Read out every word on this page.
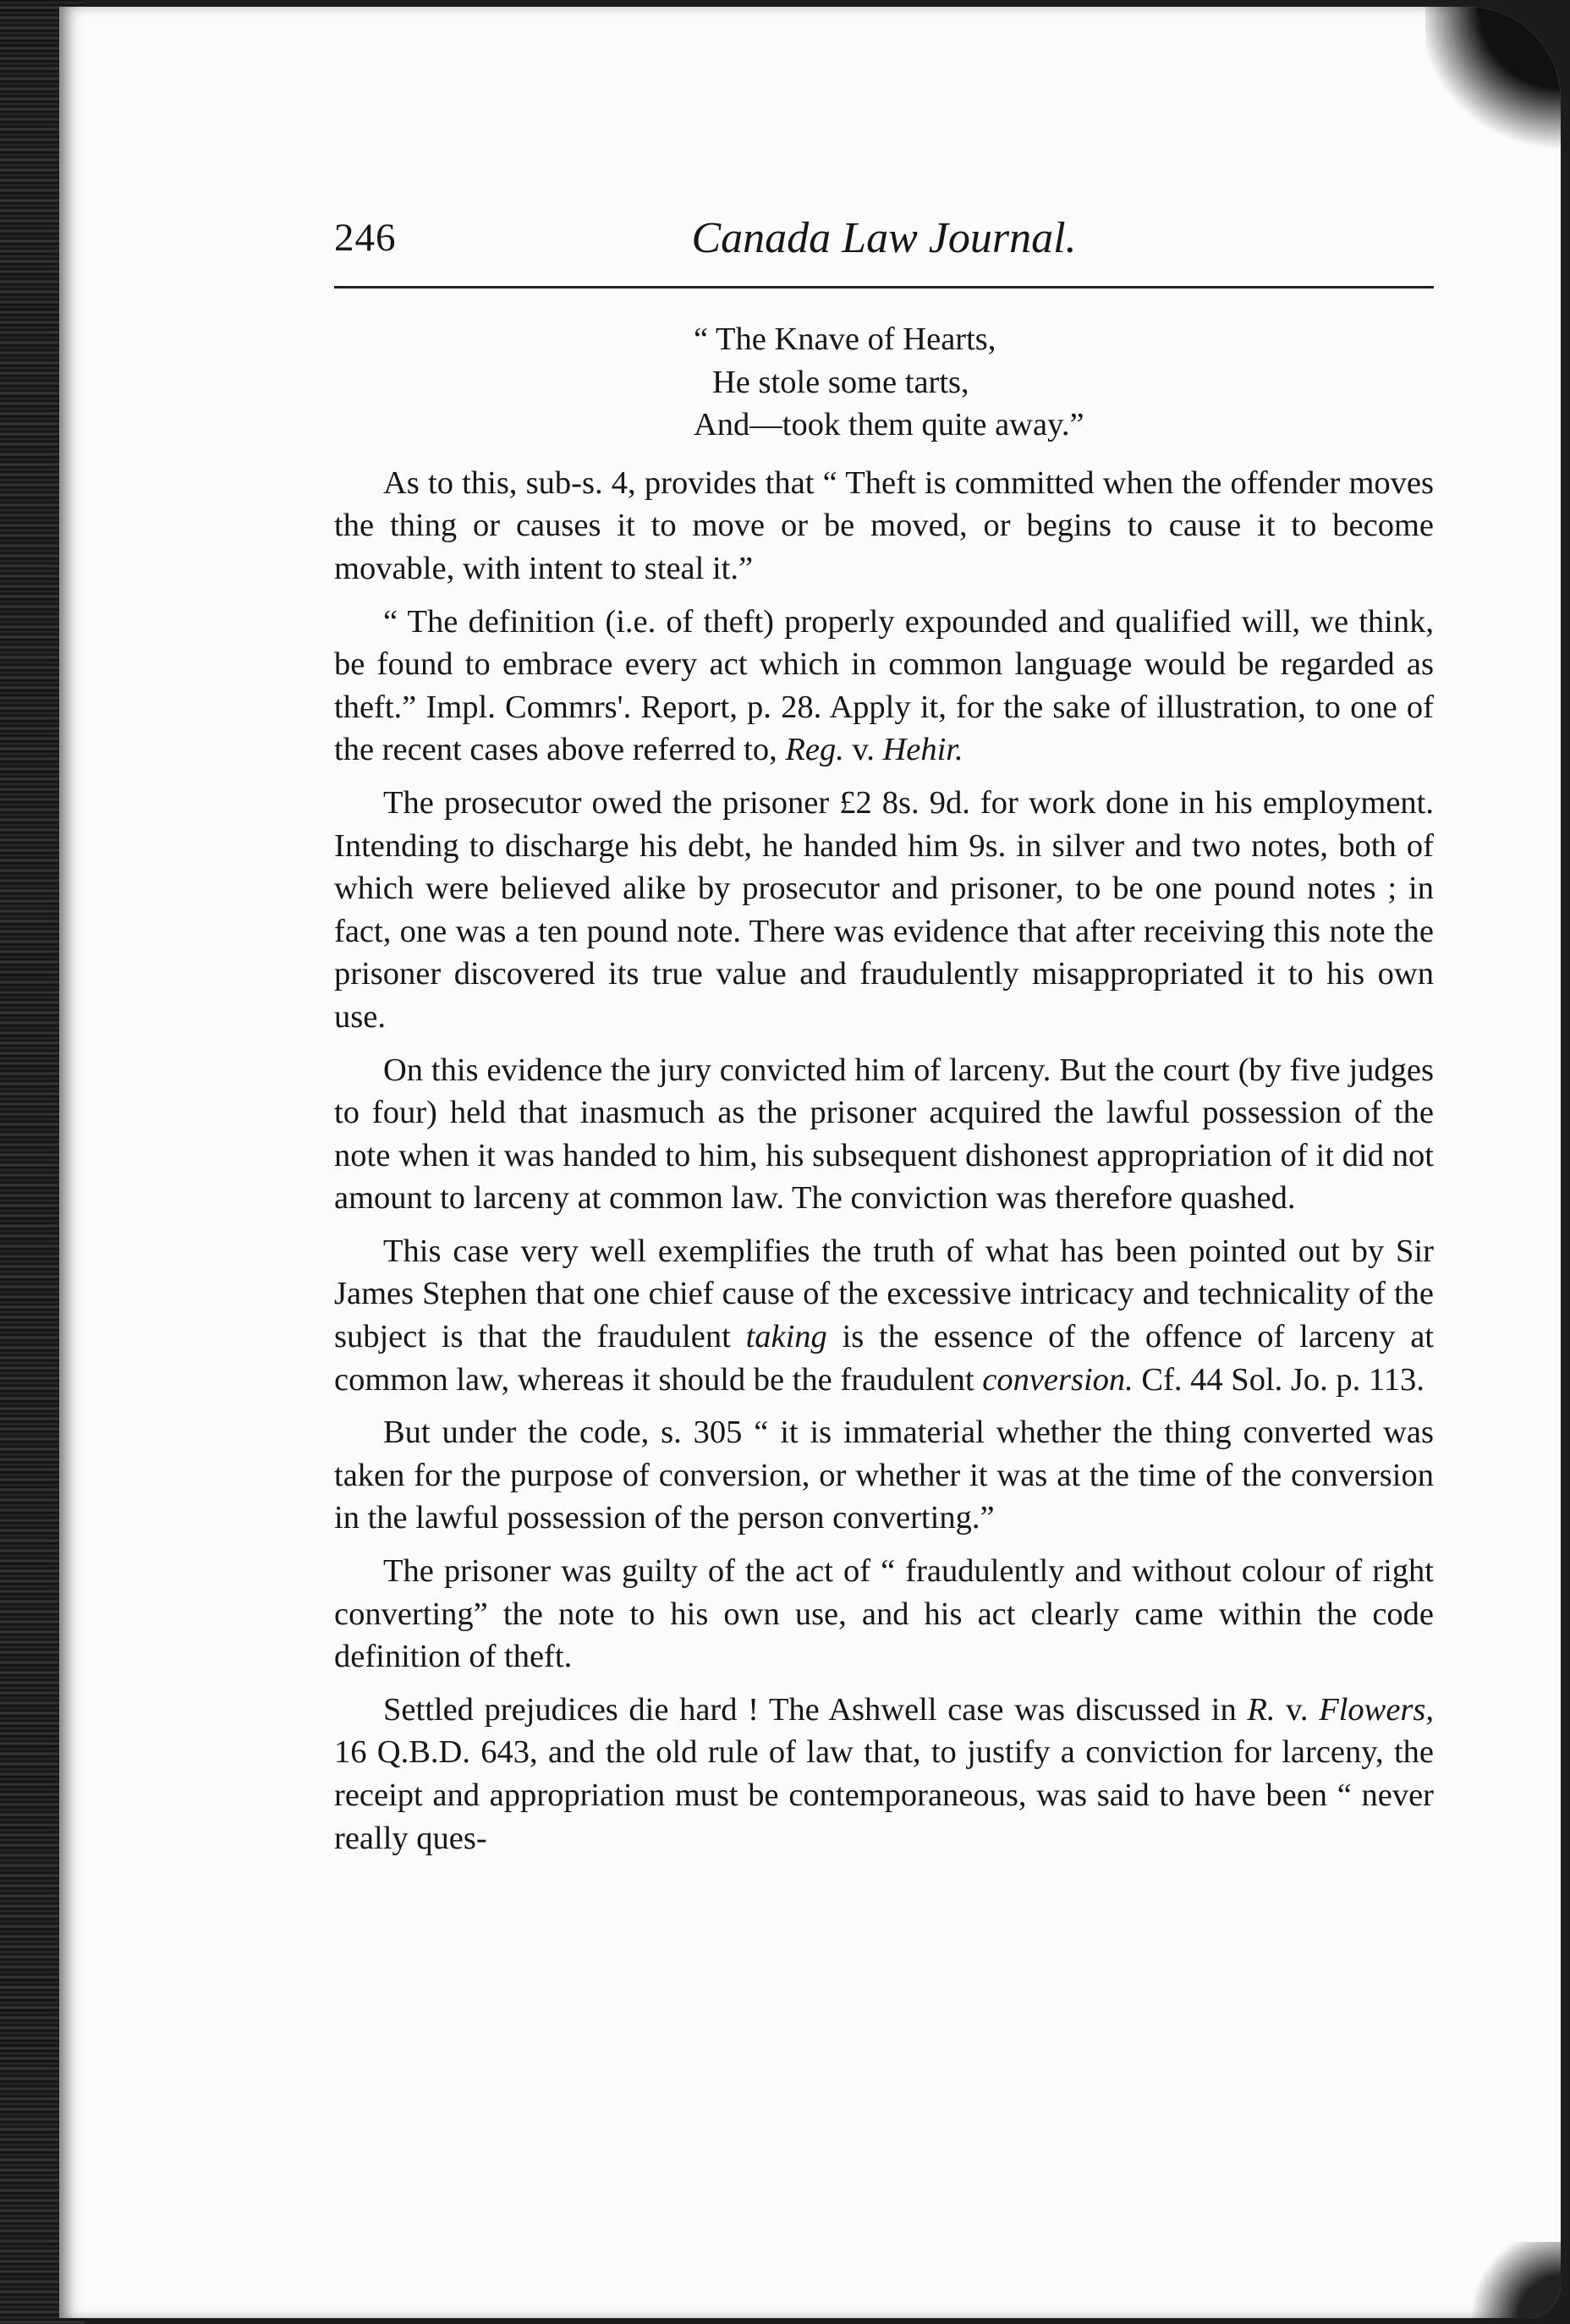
246	Canada Law Journal.
“ The Knave of Hearts,
He stole some tarts,
And—took them quite away.”

As to this, sub-s. 4, provides that “ Theft is committed when the offender moves the thing or causes it to move or be moved, or begins to cause it to become movable, with intent to steal it.”

“ The definition (i.e. of theft) properly expounded and qualified will, we think, be found to embrace every act which in common language would be regarded as theft.” Impl. Commrs'. Report, p. 28. Apply it, for the sake of illustration, to one of the recent cases above referred to, Reg. v. Hehir.

The prosecutor owed the prisoner £2 8s. 9d. for work done in his employment. Intending to discharge his debt, he handed him 9s. in silver and two notes, both of which were believed alike by prosecutor and prisoner, to be one pound notes ; in fact, one was a ten pound note. There was evidence that after receiving this note the prisoner discovered its true value and fraudulently misappropriated it to his own use.

On this evidence the jury convicted him of larceny. But the court (by five judges to four) held that inasmuch as the prisoner acquired the lawful possession of the note when it was handed to him, his subsequent dishonest appropriation of it did not amount to larceny at common law. The conviction was therefore quashed.

This case very well exemplifies the truth of what has been pointed out by Sir James Stephen that one chief cause of the excessive intricacy and technicality of the subject is that the fraudulent taking is the essence of the offence of larceny at common law, whereas it should be the fraudulent conversion. Cf. 44 Sol. Jo. p. 113.

But under the code, s. 305 “ it is immaterial whether the thing converted was taken for the purpose of conversion, or whether it was at the time of the conversion in the lawful possession of the person converting.”

The prisoner was guilty of the act of “ fraudulently and without colour of right converting” the note to his own use, and his act clearly came within the code definition of theft.

Settled prejudices die hard ! The Ashwell case was discussed in R. v. Flowers, 16 Q.B.D. 643, and the old rule of law that, to justify a conviction for larceny, the receipt and appropriation must be contemporaneous, was said to have been “ never really ques-
